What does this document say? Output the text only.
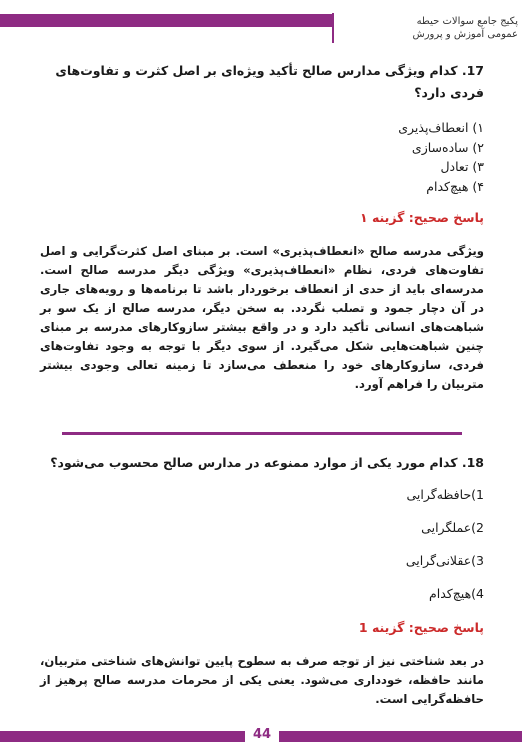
پکیج جامع سوالات حیطه
عمومی آموزش و پرورش

17. کدام ویژگی مدارس صالح تأکید ویژه‌ای بر اصل کثرت و تفاوت‌های فردی دارد؟

۱) انعطاف‌پذیری

۲) ساده‌سازی

۳) تعادل

۴) هیچ‌کدام

پاسخ صحیح: گزینه ۱
ویژگی مدرسه صالح «انعطاف‌پذیری» است. بر مبنای اصل کثرت‌گرایی و اصل تفاوت‌های فردی، نظام «انعطاف‌پذیری» ویژگی دیگر مدرسه صالح است. مدرسه‌ای باید از حدی از انعطاف برخوردار باشد تا برنامه‌ها و رویه‌های جاری در آن دچار جمود و تصلب نگردد. به سخن دیگر، مدرسه صالح از یک سو بر شباهت‌های انسانی تأکید دارد و در واقع بیشتر سازوکارهای مدرسه بر مبنای چنین شباهت‌هایی شکل می‌گیرد. از سوی دیگر با توجه به وجود تفاوت‌های فردی، سازوکارهای خود را منعطف می‌سازد تا زمینه تعالی وجودی بیشتر متربیان را فراهم آورد.

18. کدام مورد یکی از موارد ممنوعه در مدارس صالح محسوب می‌شود؟

1)حافظه‌گرایی

2)عملگرایی

3)عقلانی‌گرایی

4)هیچ‌کدام

پاسخ صحیح: گزینه 1
در بعد شناختی نیز از توجه صرف به سطوح پایین توانش‌های شناختی متربیان، مانند حافظه، خودداری می‌شود. یعنی یکی از محرمات مدرسه صالح پرهیز از حافظه‌گرایی است.
44
